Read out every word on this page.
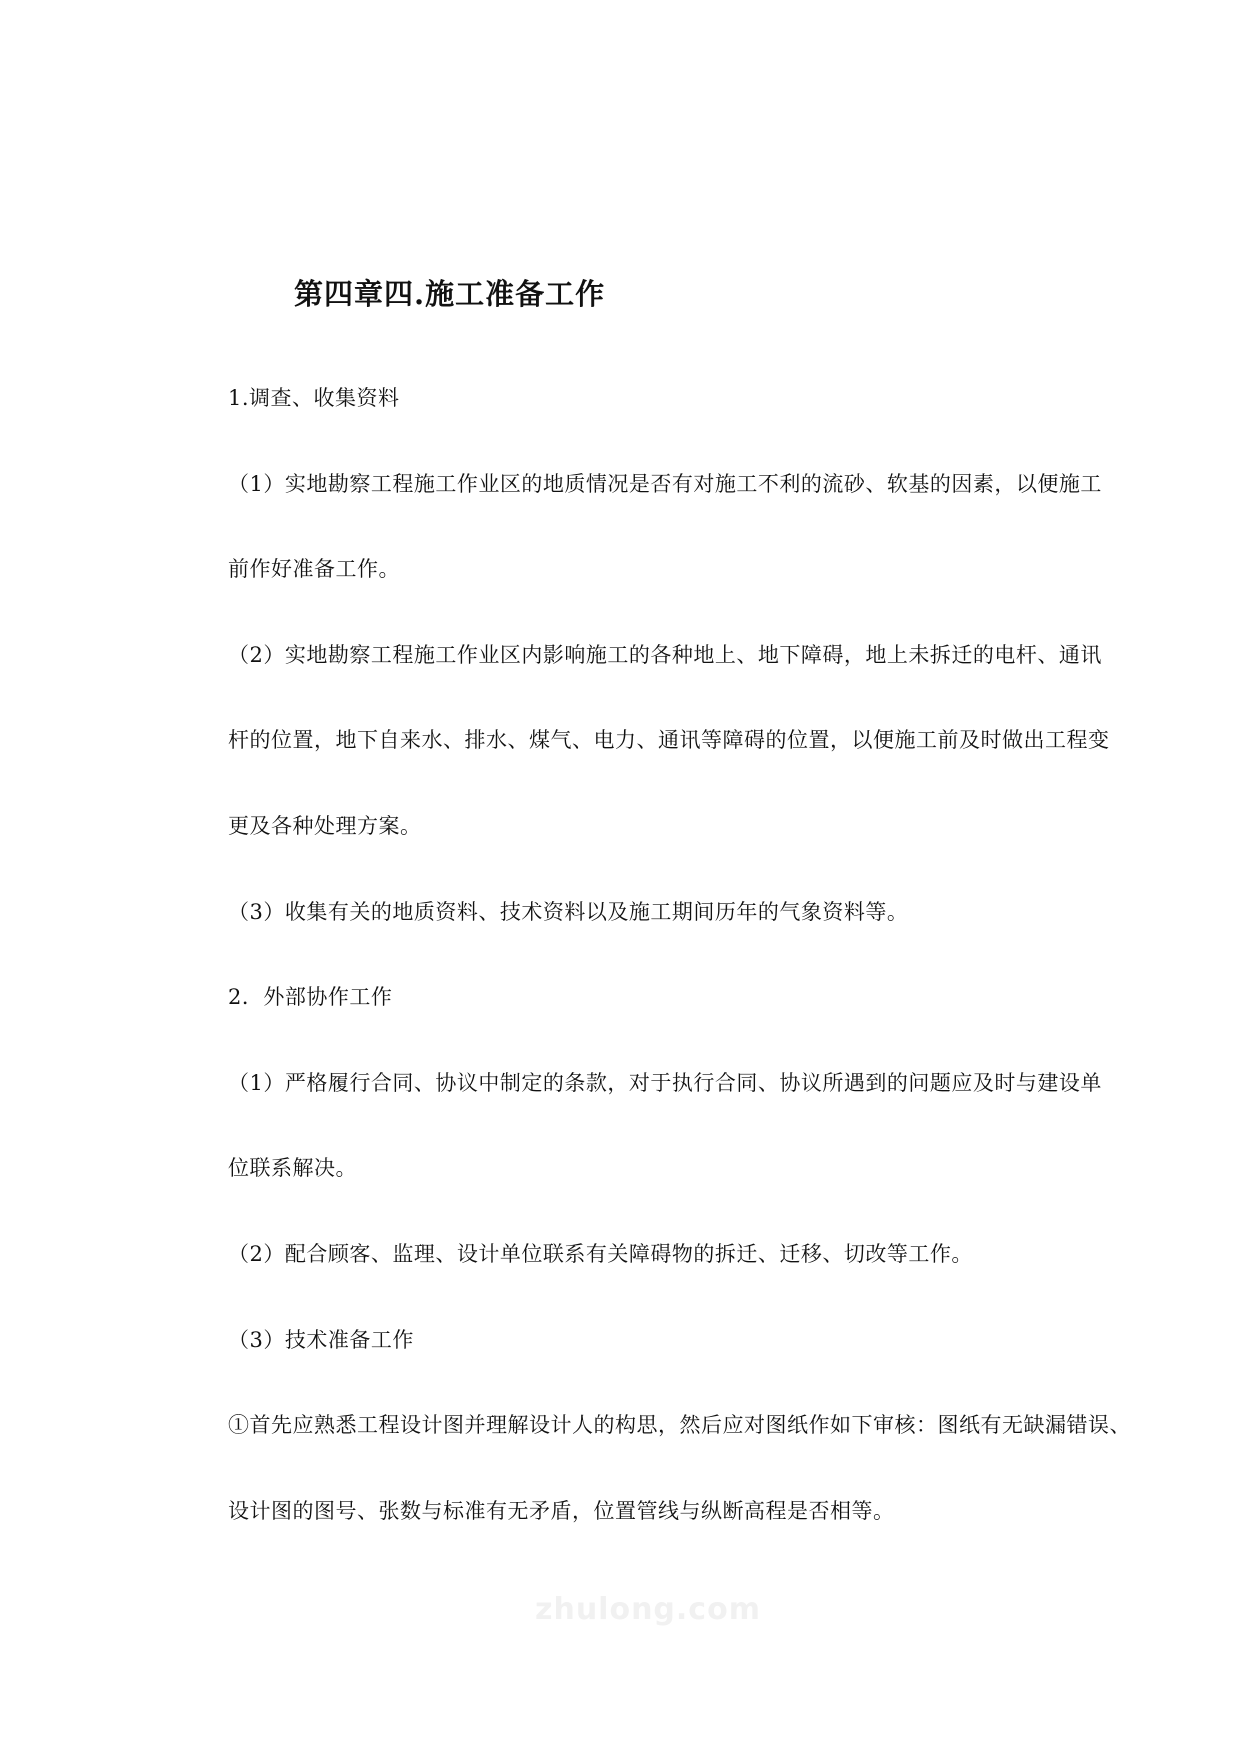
第四章四.施工准备工作
1.调查、收集资料
（1）实地勘察工程施工作业区的地质情况是否有对施工不利的流砂、软基的因素，以便施工
前作好准备工作。
（2）实地勘察工程施工作业区内影响施工的各种地上、地下障碍，地上未拆迁的电杆、通讯
杆的位置，地下自来水、排水、煤气、电力、通讯等障碍的位置，以便施工前及时做出工程变
更及各种处理方案。
（3）收集有关的地质资料、技术资料以及施工期间历年的气象资料等。
2．外部协作工作
（1）严格履行合同、协议中制定的条款，对于执行合同、协议所遇到的问题应及时与建设单
位联系解决。
（2）配合顾客、监理、设计单位联系有关障碍物的拆迁、迁移、切改等工作。
（3）技术准备工作
①首先应熟悉工程设计图并理解设计人的构思，然后应对图纸作如下审核：图纸有无缺漏错误、
设计图的图号、张数与标准有无矛盾，位置管线与纵断高程是否相等。
zhulong.com
